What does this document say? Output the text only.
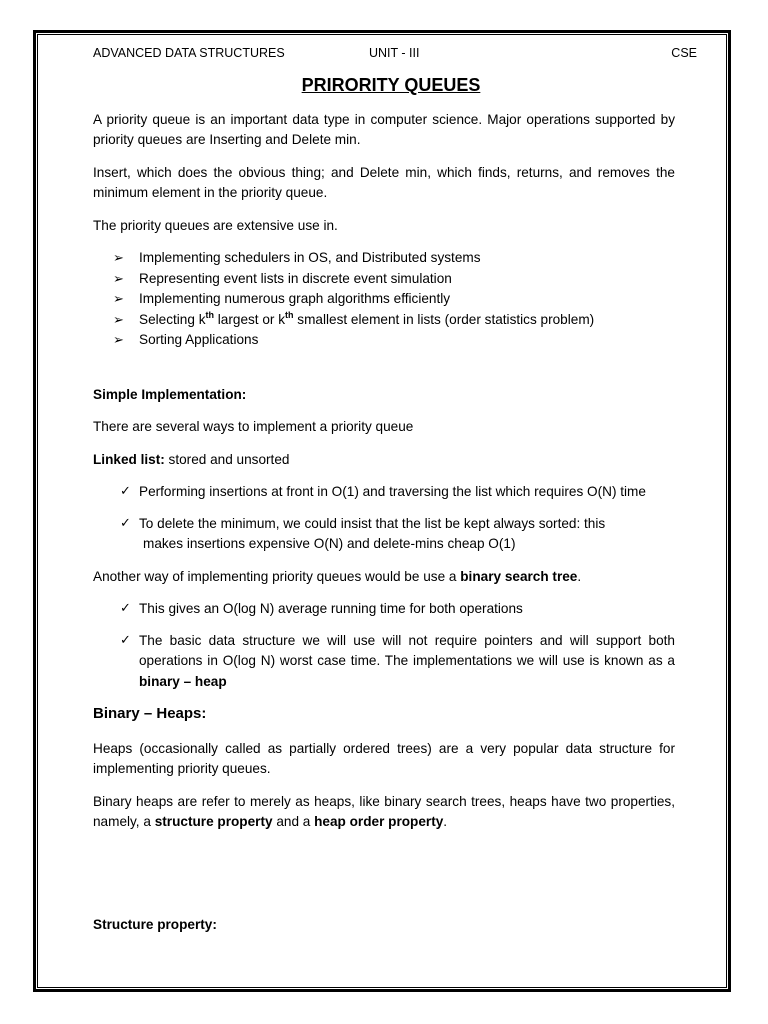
ADVANCED DATA STRUCTURES	UNIT - III	CSE
PRIRORITY QUEUES

A priority queue is an important data type in computer science. Major operations supported by priority queues are Inserting and Delete min.

Insert, which does the obvious thing; and Delete min, which finds, returns, and removes the minimum element in the priority queue.

The priority queues are extensive use in.

➢ Implementing schedulers in OS, and Distributed systems
➢ Representing event lists in discrete event simulation
➢ Implementing numerous graph algorithms efficiently
➢ Selecting $k^{th}$ largest or $k^{th}$ smallest element in lists (order statistics problem)
➢ Sorting Applications

Simple Implementation:

There are several ways to implement a priority queue

Linked list: stored and unsorted

✓ Performing insertions at front in O(1) and traversing the list which requires O(N) time
✓ To delete the minimum, we could insist that the list be kept always sorted: this
makes insertions expensive O(N) and delete-mins cheap O(1)

Another way of implementing priority queues would be use a binary search tree.

✓ This gives an O(log N) average running time for both operations
✓ The basic data structure we will use will not require pointers and will support both operations in O(log N) worst case time. The implementations we will use is known as a binary – heap
Binary – Heaps:

Heaps (occasionally called as partially ordered trees) are a very popular data structure for implementing priority queues.

Binary heaps are refer to merely as heaps, like binary search trees, heaps have two properties, namely, a structure property and a heap order property.

Structure property:
